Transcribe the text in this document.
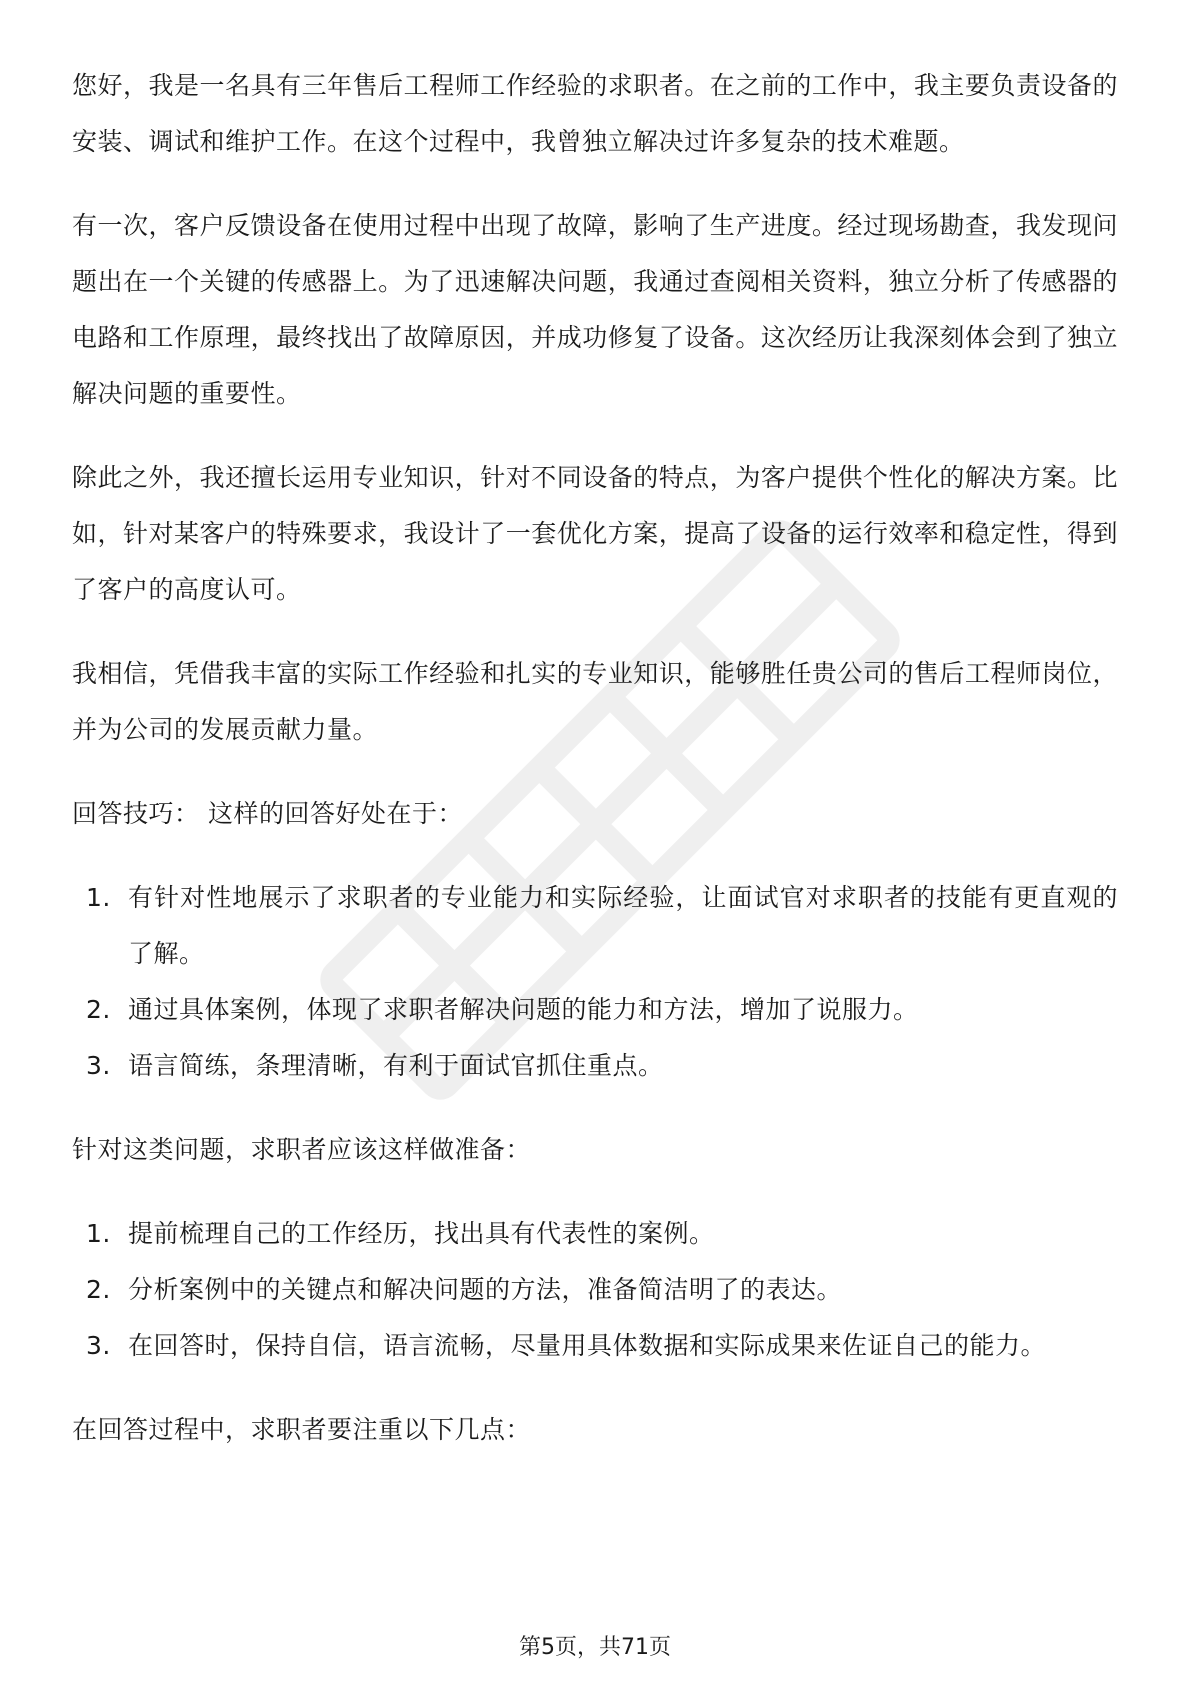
您好，我是一名具有三年售后工程师工作经验的求职者。在之前的工作中，我主要负责设备的安装、调试和维护工作。在这个过程中，我曾独立解决过许多复杂的技术难题。

有一次，客户反馈设备在使用过程中出现了故障，影响了生产进度。经过现场勘查，我发现问题出在一个关键的传感器上。为了迅速解决问题，我通过查阅相关资料，独立分析了传感器的电路和工作原理，最终找出了故障原因，并成功修复了设备。这次经历让我深刻体会到了独立解决问题的重要性。

除此之外，我还擅长运用专业知识，针对不同设备的特点，为客户提供个性化的解决方案。比如，针对某客户的特殊要求，我设计了一套优化方案，提高了设备的运行效率和稳定性，得到了客户的高度认可。

我相信，凭借我丰富的实际工作经验和扎实的专业知识，能够胜任贵公司的售后工程师岗位，并为公司的发展贡献力量。

回答技巧： 这样的回答好处在于：

1. 有针对性地展示了求职者的专业能力和实际经验，让面试官对求职者的技能有更直观的了解。
2. 通过具体案例，体现了求职者解决问题的能力和方法，增加了说服力。
3. 语言简练，条理清晰，有利于面试官抓住重点。

针对这类问题，求职者应该这样做准备：

1. 提前梳理自己的工作经历，找出具有代表性的案例。
2. 分析案例中的关键点和解决问题的方法，准备简洁明了的表达。
3. 在回答时，保持自信，语言流畅，尽量用具体数据和实际成果来佐证自己的能力。

在回答过程中，求职者要注重以下几点：

第5页，共71页
